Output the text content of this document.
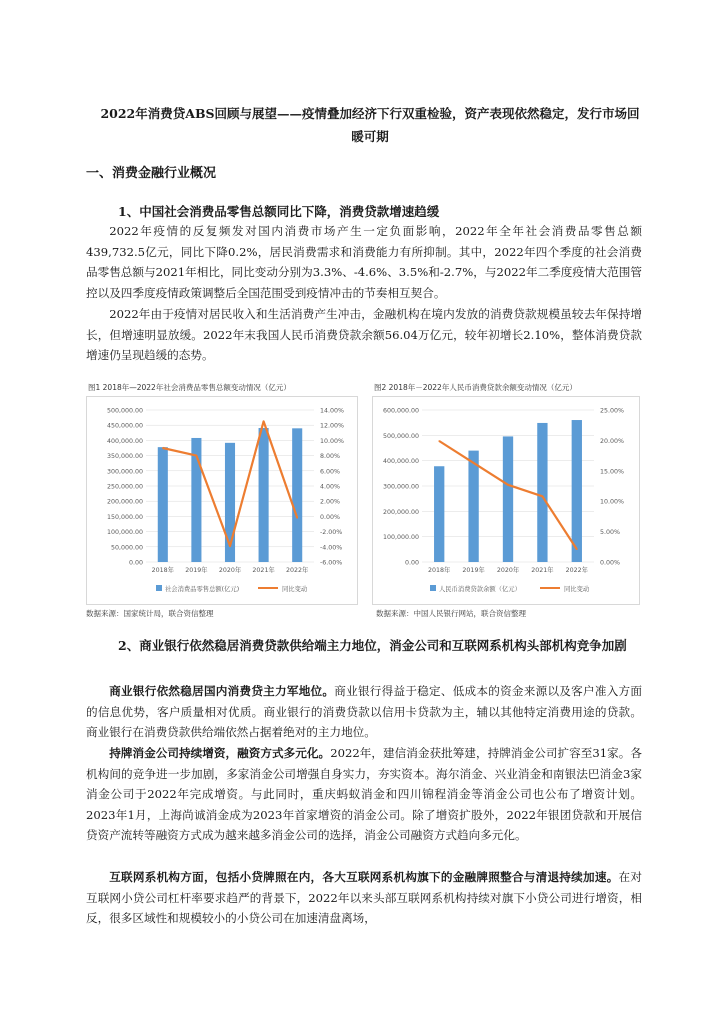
2022年消费贷ABS回顾与展望——疫情叠加经济下行双重检验，资产表现依然稳定，发行市场回暖可期
一、消费金融行业概况
1、中国社会消费品零售总额同比下降，消费贷款增速趋缓

2022年疫情的反复频发对国内消费市场产生一定负面影响，2022年全年社会消费品零售总额439,732.5亿元，同比下降0.2%，居民消费需求和消费能力有所抑制。其中，2022年四个季度的社会消费品零售总额与2021年相比，同比变动分别为3.3%、-4.6%、3.5%和-2.7%，与2022年二季度疫情大范围管控以及四季度疫情政策调整后全国范围受到疫情冲击的节奏相互契合。

2022年由于疫情对居民收入和生活消费产生冲击，金融机构在境内发放的消费贷款规模虽较去年保持增长，但增速明显放缓。2022年末我国人民币消费贷款余额56.04万亿元，较年初增长2.10%，整体消费贷款增速仍呈现趋缓的态势。

图1 2018年—2022年社会消费品零售总额变动情况（亿元）
0.00
50,000.00
100,000.00
150,000.00
200,000.00
250,000.00
300,000.00
350,000.00
400,000.00
450,000.00
500,000.00
-6.00%
-4.00%
-2.00%
0.00%
2.00%
4.00%
6.00%
8.00%
10.00%
12.00%
14.00%
2018年 2019年 2020年 2021年 2022年
社会消费品零售总额(亿元)	同比变动
数据来源：国家统计局，联合资信整理
图2 2018年－2022年人民币消费贷款余额变动情况（亿元）
0.00
100,000.00
200,000.00
300,000.00
400,000.00
500,000.00
600,000.00
0.00%
5.00%
10.00%
15.00%
20.00%
25.00%
2018年 2019年 2020年 2021年 2022年
人民币消费贷款余额（亿元）	同比变动
数据来源：中国人民银行网站，联合资信整理
2、商业银行依然稳居消费贷款供给端主力地位，消金公司和互联网系机构头部机构竞争加剧

商业银行依然稳居国内消费贷主力军地位。商业银行得益于稳定、低成本的资金来源以及客户准入方面的信息优势，客户质量相对优质。商业银行的消费贷款以信用卡贷款为主，辅以其他特定消费用途的贷款。商业银行在消费贷款供给端依然占据着绝对的主力地位。

持牌消金公司持续增资，融资方式多元化。2022年，建信消金获批筹建，持牌消金公司扩容至31家。各机构间的竞争进一步加剧，多家消金公司增强自身实力，夯实资本。海尔消金、兴业消金和南银法巴消金3家消金公司于2022年完成增资。与此同时，重庆蚂蚁消金和四川锦程消金等消金公司也公布了增资计划。2023年1月，上海尚诚消金成为2023年首家增资的消金公司。除了增资扩股外，2022年银团贷款和开展信贷资产流转等融资方式成为越来越多消金公司的选择，消金公司融资方式趋向多元化。

互联网系机构方面，包括小贷牌照在内，各大互联网系机构旗下的金融牌照整合与清退持续加速。在对互联网小贷公司杠杆率要求趋严的背景下，2022年以来头部互联网系机构持续对旗下小贷公司进行增资，相反，很多区域性和规模较小的小贷公司在加速清盘离场，
